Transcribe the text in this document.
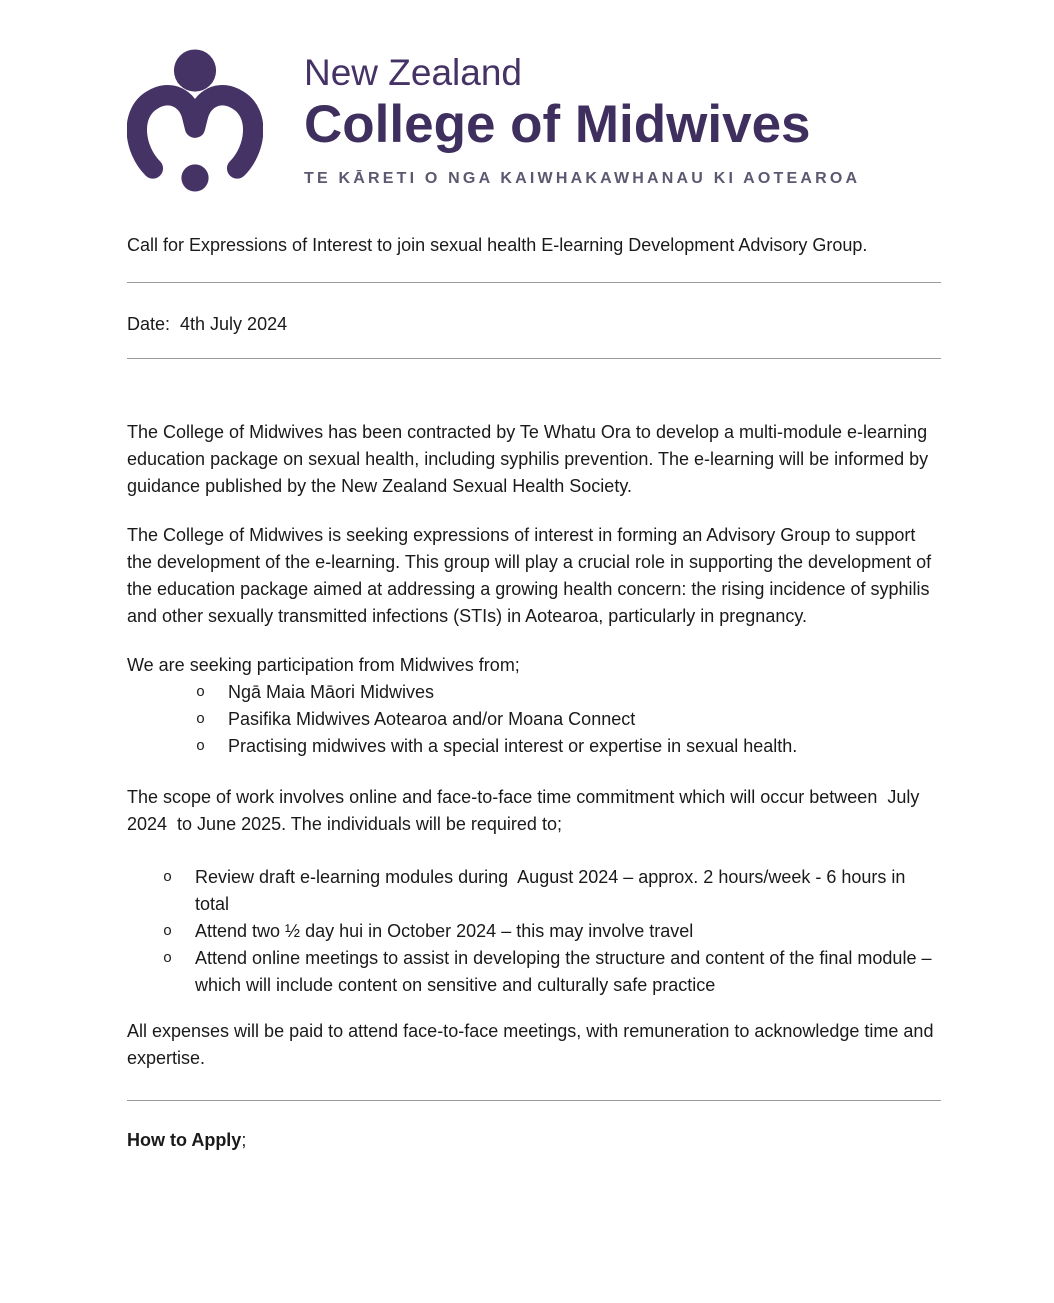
New Zealand
College of Midwives
TE KĀRETI O NGA KAIWHAKAWHANAU KI AOTEAROA
Call for Expressions of Interest to join sexual health E-learning Development Advisory Group.
Date:  4th July 2024
The College of Midwives has been contracted by Te Whatu Ora to develop a multi-module e-learning education package on sexual health, including syphilis prevention. The e-learning will be informed by guidance published by the New Zealand Sexual Health Society.
The College of Midwives is seeking expressions of interest in forming an Advisory Group to support the development of the e-learning. This group will play a crucial role in supporting the development of the education package aimed at addressing a growing health concern: the rising incidence of syphilis and other sexually transmitted infections (STIs) in Aotearoa, particularly in pregnancy.
We are seeking participation from Midwives from;
o	Ngā Maia Māori Midwives
o	Pasifika Midwives Aotearoa and/or Moana Connect
o	Practising midwives with a special interest or expertise in sexual health.
The scope of work involves online and face-to-face time commitment which will occur between  July 2024  to June 2025. The individuals will be required to;
o	Review draft e-learning modules during  August 2024 – approx. 2 hours/week - 6 hours in total
o	Attend two ½ day hui in October 2024 – this may involve travel
o	Attend online meetings to assist in developing the structure and content of the final module – which will include content on sensitive and culturally safe practice
All expenses will be paid to attend face-to-face meetings, with remuneration to acknowledge time and expertise.
How to Apply;
